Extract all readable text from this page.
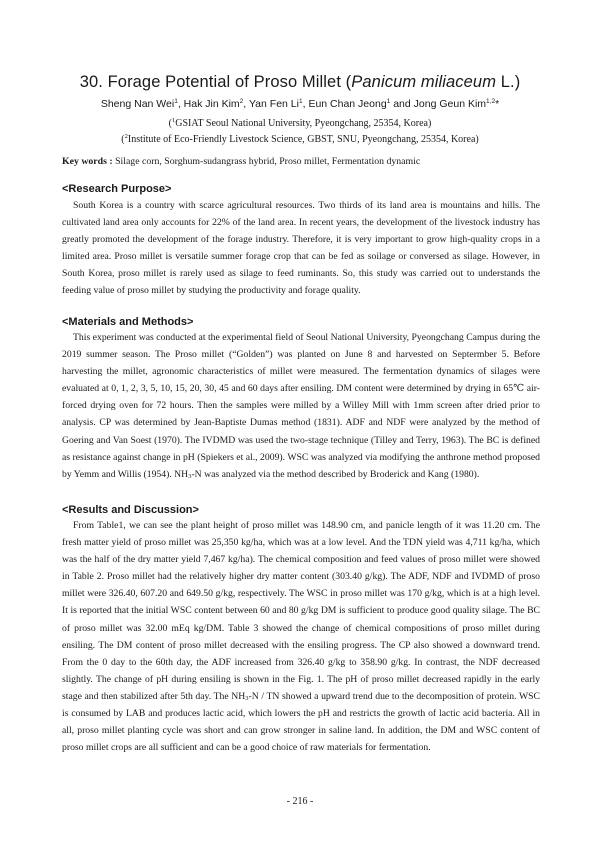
30. Forage Potential of Proso Millet (Panicum miliaceum L.)
Sheng Nan Wei$^1$, Hak Jin Kim$^2$, Yan Fen Li$^1$, Eun Chan Jeong$^1$ and Jong Geun Kim$^{1,2}$*
($^1$GSIAT Seoul National University, Pyeongchang, 25354, Korea)
($^2$Institute of Eco-Friendly Livestock Science, GBST, SNU, Pyeongchang, 25354, Korea)
Key words : Silage corn, Sorghum-sudangrass hybrid, Proso millet, Fermentation dynamic
<Research Purpose>

South Korea is a country with scarce agricultural resources. Two thirds of its land area is mountains and hills. The cultivated land area only accounts for 22% of the land area. In recent years, the development of the livestock industry has greatly promoted the development of the forage industry. Therefore, it is very important to grow high-quality crops in a limited area. Proso millet is versatile summer forage crop that can be fed as soilage or conversed as silage. However, in South Korea, proso millet is rarely used as silage to feed ruminants. So, this study was carried out to understands the feeding value of proso millet by studying the productivity and forage quality.

<Materials and Methods>

This experiment was conducted at the experimental field of Seoul National University, Pyeongchang Campus during the 2019 summer season. The Proso millet (“Golden”) was planted on June 8 and harvested on Septermber 5. Before harvesting the millet, agronomic characteristics of millet were measured. The fermentation dynamics of silages were evaluated at 0, 1, 2, 3, 5, 10, 15, 20, 30, 45 and 60 days after ensiling. DM content were determined by drying in 65℃ air-forced drying oven for 72 hours. Then the samples were milled by a Willey Mill with 1mm screen after dried prior to analysis. CP was determined by Jean-Baptiste Dumas method (1831). ADF and NDF were analyzed by the method of Goering and Van Soest (1970). The IVDMD was used the two-stage technique (Tilley and Terry, 1963). The BC is defined as resistance against change in pH (Spiekers et al., 2009). WSC was analyzed via modifying the anthrone method proposed by Yemm and Willis (1954). $NH_3-N$ was analyzed via the method described by Broderick and Kang (1980).

<Results and Discussion>

From Table1, we can see the plant height of proso millet was 148.90 cm, and panicle length of it was 11.20 cm. The fresh matter yield of proso millet was 25,350 kg/ha, which was at a low level. And the TDN yield was 4,711 kg/ha, which was the half of the dry matter yield 7,467 kg/ha). The chemical composition and feed values of proso millet were showed in Table 2. Proso millet had the relatively higher dry matter content (303.40 g/kg). The ADF, NDF and IVDMD of proso millet were 326.40, 607.20 and 649.50 g/kg, respectively. The WSC in proso millet was 170 g/kg, which is at a high level. It is reported that the initial WSC content between 60 and 80 g/kg DM is sufficient to produce good quality silage. The BC of proso millet was 32.00 mEq kg/DM. Table 3 showed the change of chemical compositions of proso millet during ensiling. The DM content of proso millet decreased with the ensiling progress. The CP also showed a downward trend. From the 0 day to the 60th day, the ADF increased from 326.40 g/kg to 358.90 g/kg. In contrast, the NDF decreased slightly. The change of pH during ensiling is shown in the Fig. 1. The pH of proso millet decreased rapidly in the early stage and then stabilized after 5th day. The $NH_3-N$ / TN showed a upward trend due to the decomposition of protein. WSC is consumed by LAB and produces lactic acid, which lowers the pH and restricts the growth of lactic acid bacteria. All in all, proso millet planting cycle was short and can grow stronger in saline land. In addition, the DM and WSC content of proso millet crops are all sufficient and can be a good choice of raw materials for fermentation.

- 216 -
